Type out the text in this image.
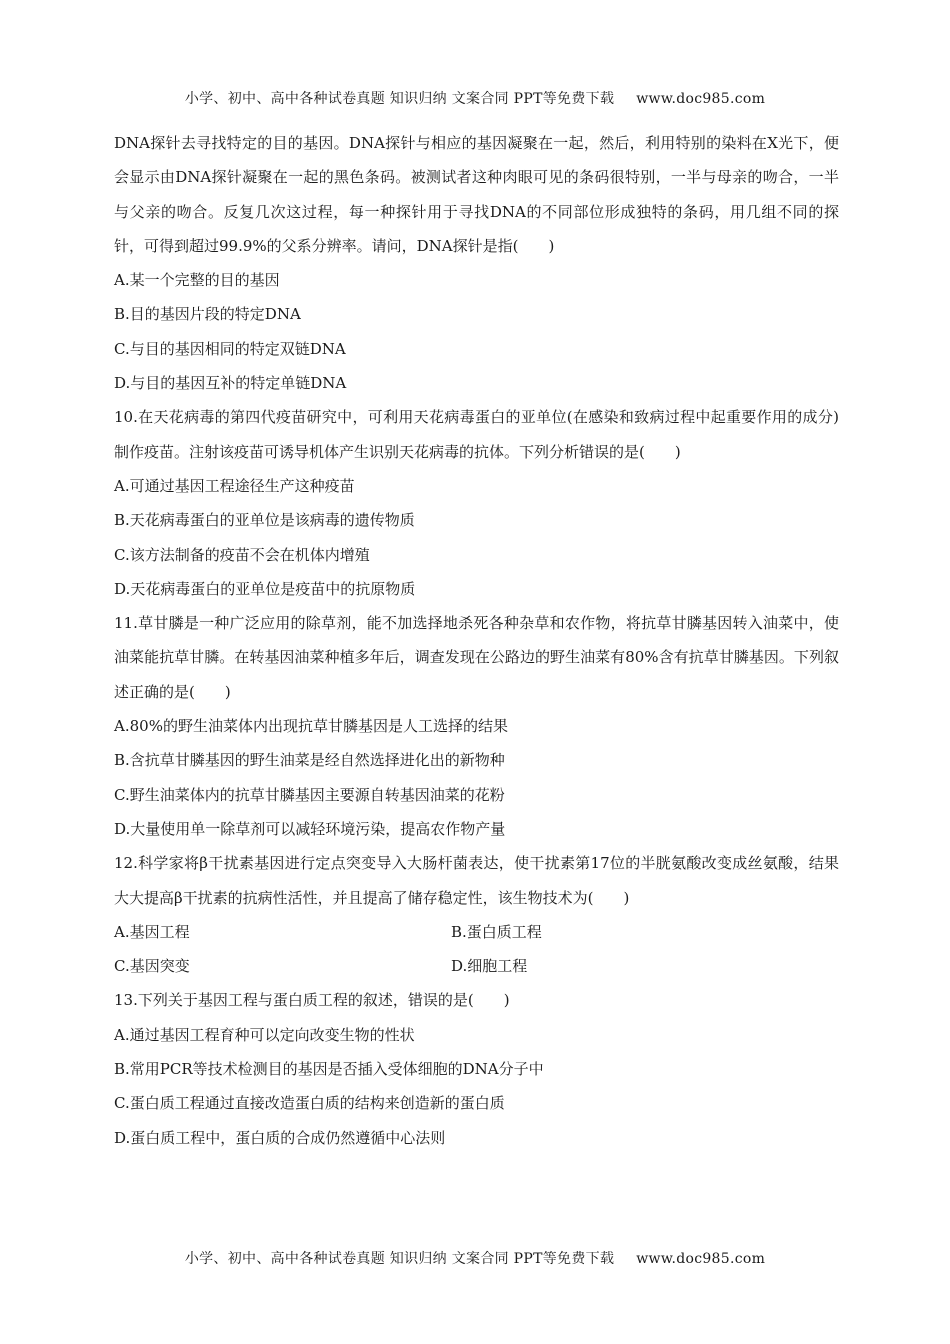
小学、初中、高中各种试卷真题 知识归纳 文案合同 PPT等免费下载 www.doc985.com

DNA探针去寻找特定的目的基因。DNA探针与相应的基因凝聚在一起，然后，利用特别的染料在X光下，便会显示由DNA探针凝聚在一起的黑色条码。被测试者这种肉眼可见的条码很特别，一半与母亲的吻合，一半与父亲的吻合。反复几次这过程，每一种探针用于寻找DNA的不同部位形成独特的条码，用几组不同的探针，可得到超过99.9%的父系分辨率。请问，DNA探针是指(　　)

A.某一个完整的目的基因

B.目的基因片段的特定DNA

C.与目的基因相同的特定双链DNA

D.与目的基因互补的特定单链DNA

10.在天花病毒的第四代疫苗研究中，可利用天花病毒蛋白的亚单位(在感染和致病过程中起重要作用的成分)制作疫苗。注射该疫苗可诱导机体产生识别天花病毒的抗体。下列分析错误的是(　　)

A.可通过基因工程途径生产这种疫苗

B.天花病毒蛋白的亚单位是该病毒的遗传物质

C.该方法制备的疫苗不会在机体内增殖

D.天花病毒蛋白的亚单位是疫苗中的抗原物质

11.草甘膦是一种广泛应用的除草剂，能不加选择地杀死各种杂草和农作物，将抗草甘膦基因转入油菜中，使油菜能抗草甘膦。在转基因油菜种植多年后，调查发现在公路边的野生油菜有80%含有抗草甘膦基因。下列叙述正确的是(　　)

A.80%的野生油菜体内出现抗草甘膦基因是人工选择的结果

B.含抗草甘膦基因的野生油菜是经自然选择进化出的新物种

C.野生油菜体内的抗草甘膦基因主要源自转基因油菜的花粉

D.大量使用单一除草剂可以减轻环境污染，提高农作物产量

12.科学家将β干扰素基因进行定点突变导入大肠杆菌表达，使干扰素第17位的半胱氨酸改变成丝氨酸，结果大大提高β干扰素的抗病性活性，并且提高了储存稳定性，该生物技术为(　　)

A.基因工程	B.蛋白质工程
C.基因突变	D.细胞工程

13.下列关于基因工程与蛋白质工程的叙述，错误的是(　　)

A.通过基因工程育种可以定向改变生物的性状

B.常用PCR等技术检测目的基因是否插入受体细胞的DNA分子中

C.蛋白质工程通过直接改造蛋白质的结构来创造新的蛋白质

D.蛋白质工程中，蛋白质的合成仍然遵循中心法则

小学、初中、高中各种试卷真题 知识归纳 文案合同 PPT等免费下载 www.doc985.com
